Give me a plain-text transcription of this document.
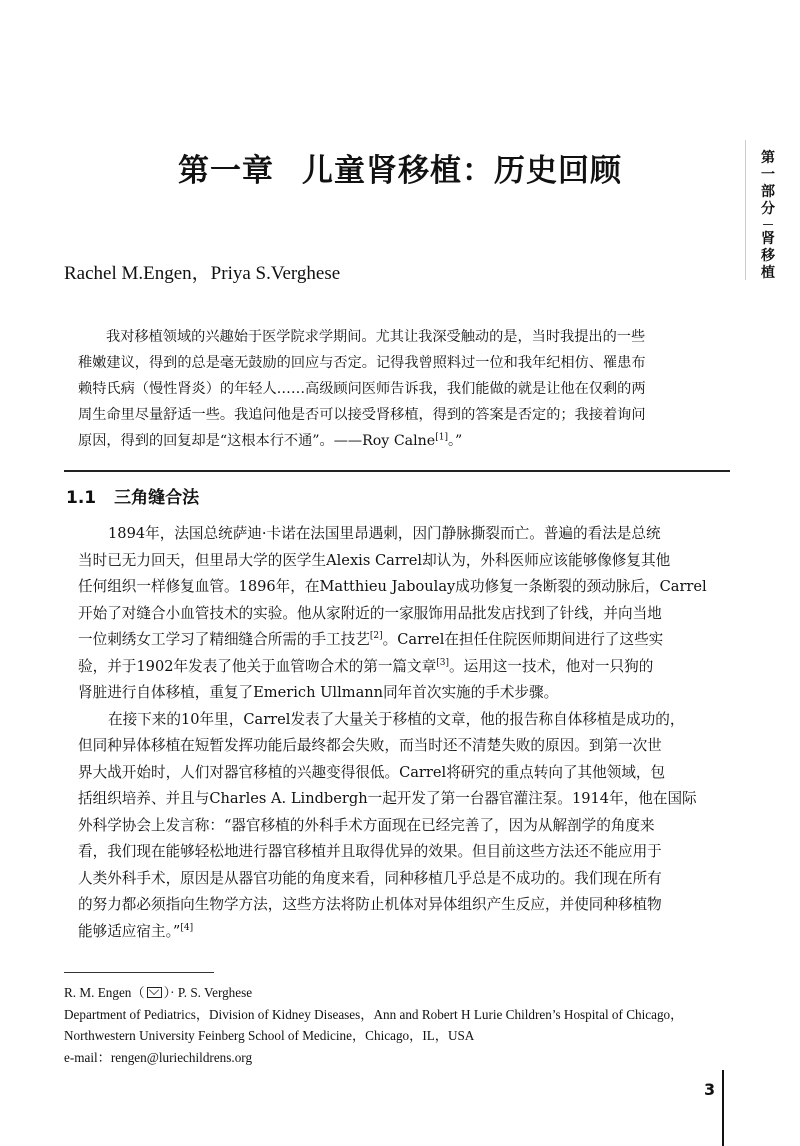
第一部分
肾移植
第一章 儿童肾移植：历史回顾
Rachel M.Engen，Priya S.Verghese
我对移植领域的兴趣始于医学院求学期间。尤其让我深受触动的是，当时我提出的一些
稚嫩建议，得到的总是毫无鼓励的回应与否定。记得我曾照料过一位和我年纪相仿、罹患布
赖特氏病（慢性肾炎）的年轻人……高级顾问医师告诉我，我们能做的就是让他在仅剩的两
周生命里尽量舒适一些。我追问他是否可以接受肾移植，得到的答案是否定的；我接着询问
原因，得到的回复却是“这根本行不通”。——Roy Calne[1]。”
1.1 三角缝合法
1894年，法国总统萨迪·卡诺在法国里昂遇刺，因门静脉撕裂而亡。普遍的看法是总统
当时已无力回天，但里昂大学的医学生Alexis Carrel却认为，外科医师应该能够像修复其他
任何组织一样修复血管。1896年，在Matthieu Jaboulay成功修复一条断裂的颈动脉后，Carrel
开始了对缝合小血管技术的实验。他从家附近的一家服饰用品批发店找到了针线，并向当地
一位刺绣女工学习了精细缝合所需的手工技艺[2]。Carrel在担任住院医师期间进行了这些实
验，并于1902年发表了他关于血管吻合术的第一篇文章[3]。运用这一技术，他对一只狗的
肾脏进行自体移植，重复了Emerich Ullmann同年首次实施的手术步骤。
在接下来的10年里，Carrel发表了大量关于移植的文章，他的报告称自体移植是成功的，
但同种异体移植在短暂发挥功能后最终都会失败，而当时还不清楚失败的原因。到第一次世
界大战开始时，人们对器官移植的兴趣变得很低。Carrel将研究的重点转向了其他领域，包
括组织培养、并且与Charles A. Lindbergh一起开发了第一台器官灌注泵。1914年，他在国际
外科学协会上发言称：“器官移植的外科手术方面现在已经完善了，因为从解剖学的角度来
看，我们现在能够轻松地进行器官移植并且取得优异的效果。但目前这些方法还不能应用于
人类外科手术，原因是从器官功能的角度来看，同种移植几乎总是不成功的。我们现在所有
的努力都必须指向生物学方法，这些方法将防止机体对异体组织产生反应，并使同种移植物
能够适应宿主。”[4]
R. M. Engen（ ）· P. S. Verghese
Department of Pediatrics，Division of Kidney Diseases，Ann and Robert H Lurie Children’s Hospital of Chicago，
Northwestern University Feinberg School of Medicine，Chicago，IL，USA
e-mail：rengen@luriechildrens.org
3
